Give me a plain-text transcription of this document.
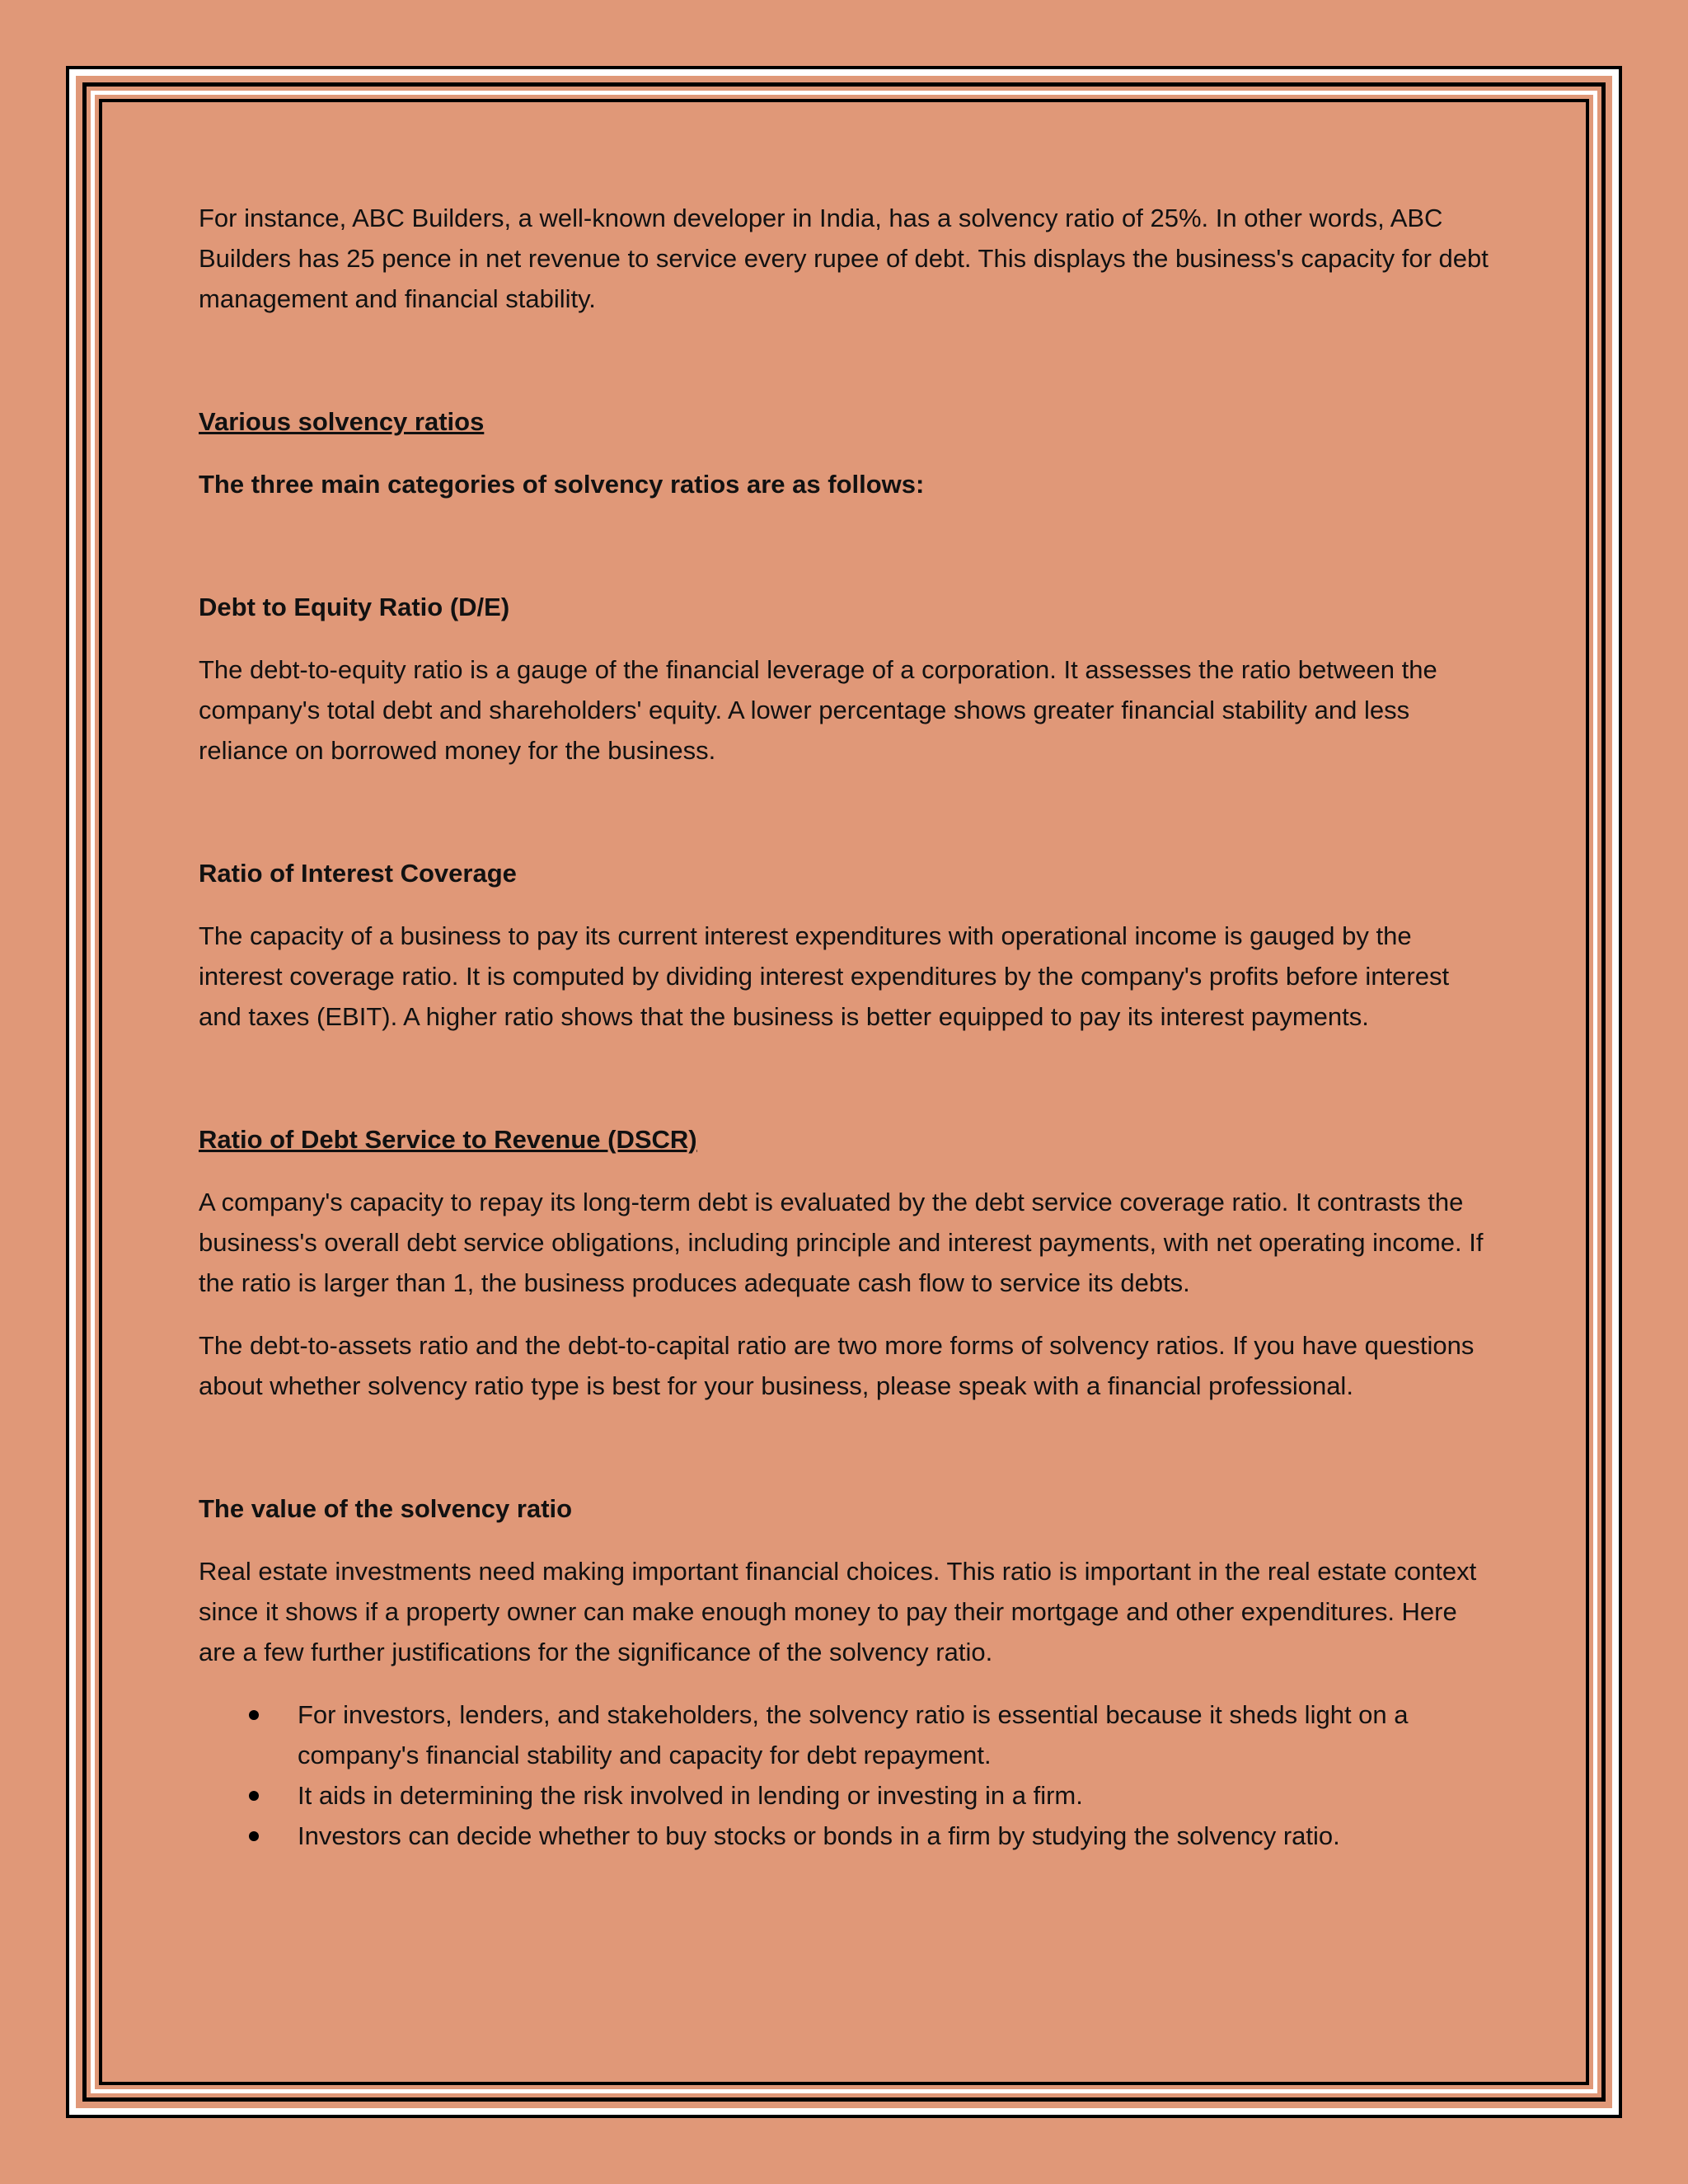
For instance, ABC Builders, a well-known developer in India, has a solvency ratio of 25%. In other words, ABC Builders has 25 pence in net revenue to service every rupee of debt. This displays the business's capacity for debt management and financial stability.

Various solvency ratios

The three main categories of solvency ratios are as follows:

Debt to Equity Ratio (D/E)

The debt-to-equity ratio is a gauge of the financial leverage of a corporation. It assesses the ratio between the company's total debt and shareholders' equity. A lower percentage shows greater financial stability and less reliance on borrowed money for the business.

Ratio of Interest Coverage

The capacity of a business to pay its current interest expenditures with operational income is gauged by the interest coverage ratio. It is computed by dividing interest expenditures by the company's profits before interest and taxes (EBIT). A higher ratio shows that the business is better equipped to pay its interest payments.

Ratio of Debt Service to Revenue (DSCR)

A company's capacity to repay its long-term debt is evaluated by the debt service coverage ratio. It contrasts the business's overall debt service obligations, including principle and interest payments, with net operating income. If the ratio is larger than 1, the business produces adequate cash flow to service its debts.

The debt-to-assets ratio and the debt-to-capital ratio are two more forms of solvency ratios. If you have questions about whether solvency ratio type is best for your business, please speak with a financial professional.

The value of the solvency ratio

Real estate investments need making important financial choices. This ratio is important in the real estate context since it shows if a property owner can make enough money to pay their mortgage and other expenditures. Here are a few further justifications for the significance of the solvency ratio.

For investors, lenders, and stakeholders, the solvency ratio is essential because it sheds light on a company's financial stability and capacity for debt repayment.
It aids in determining the risk involved in lending or investing in a firm.
Investors can decide whether to buy stocks or bonds in a firm by studying the solvency ratio.
